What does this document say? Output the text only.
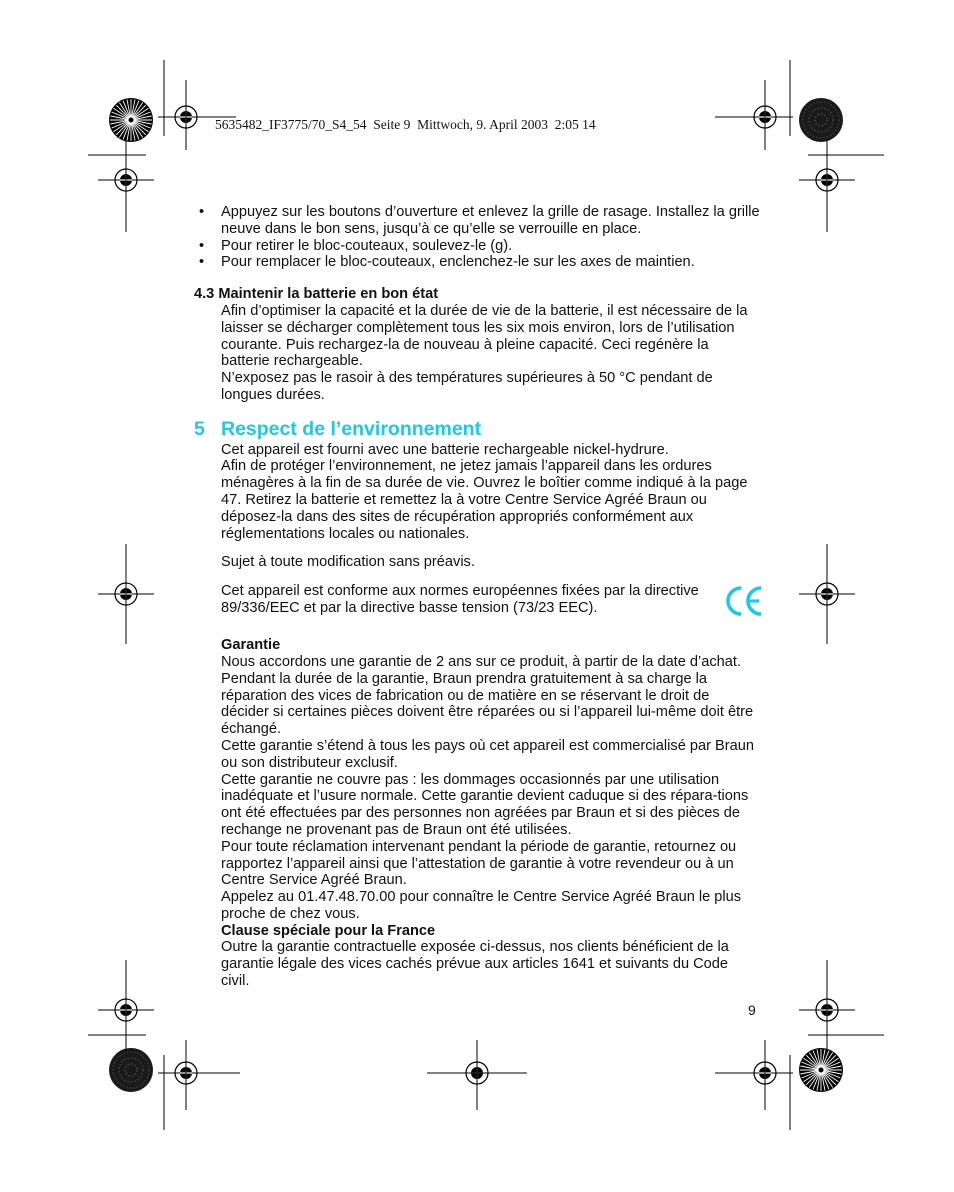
5635482_IF3775/70_S4_54  Seite 9  Mittwoch, 9. April 2003  2:05 14
• Appuyez sur les boutons d’ouverture et enlevez la grille de rasage. Installez la grille neuve dans le bon sens, jusqu’à ce qu’elle se verrouille en place.
• Pour retirer le bloc-couteaux, soulevez-le (g).
• Pour remplacer le bloc-couteaux, enclenchez-le sur les axes de maintien.
4.3 Maintenir la batterie en bon état

Afin d’optimiser la capacité et la durée de vie de la batterie, il est nécessaire de la laisser se décharger complètement tous les six mois environ, lors de l’utilisation courante. Puis rechargez-la de nouveau à pleine capacité. Ceci regénère la batterie rechargeable.

N’exposez pas le rasoir à des températures supérieures à 50 °C pendant de longues durées.

5 Respect de l’environnement

Cet appareil est fourni avec une batterie rechargeable nickel-hydrure.

Afin de protéger l’environnement, ne jetez jamais l’appareil dans les ordures ménagères à la fin de sa durée de vie. Ouvrez le boîtier comme indiqué à la page 47. Retirez la batterie et remettez la à votre Centre Service Agréé Braun ou déposez-la dans des sites de récupération appropriés conformément aux réglementations locales ou nationales.

Sujet à toute modification sans préavis.

Cet appareil est conforme aux normes européennes fixées par la directive 89/336/EEC et par la directive basse tension (73/23 EEC).

Garantie

Nous accordons une garantie de 2 ans sur ce produit, à partir de la date d’achat.

Pendant la durée de la garantie, Braun prendra gratuitement à sa charge la réparation des vices de fabrication ou de matière en se réservant le droit de décider si certaines pièces doivent être réparées ou si l’appareil lui-même doit être échangé.

Cette garantie s’étend à tous les pays où cet appareil est commercialisé par Braun ou son distributeur exclusif.

Cette garantie ne couvre pas : les dommages occasionnés par une utilisation inadéquate et l’usure normale. Cette garantie devient caduque si des répara-tions ont été effectuées par des personnes non agréées par Braun et si des pièces de rechange ne provenant pas de Braun ont été utilisées.

Pour toute réclamation intervenant pendant la période de garantie, retournez ou rapportez l’appareil ainsi que l’attestation de garantie à votre revendeur ou à un Centre Service Agréé Braun.

Appelez au 01.47.48.70.00 pour connaître le Centre Service Agréé Braun le plus proche de chez vous.

Clause spéciale pour la France

Outre la garantie contractuelle exposée ci-dessus, nos clients bénéficient de la garantie légale des vices cachés prévue aux articles 1641 et suivants du Code civil.

9
